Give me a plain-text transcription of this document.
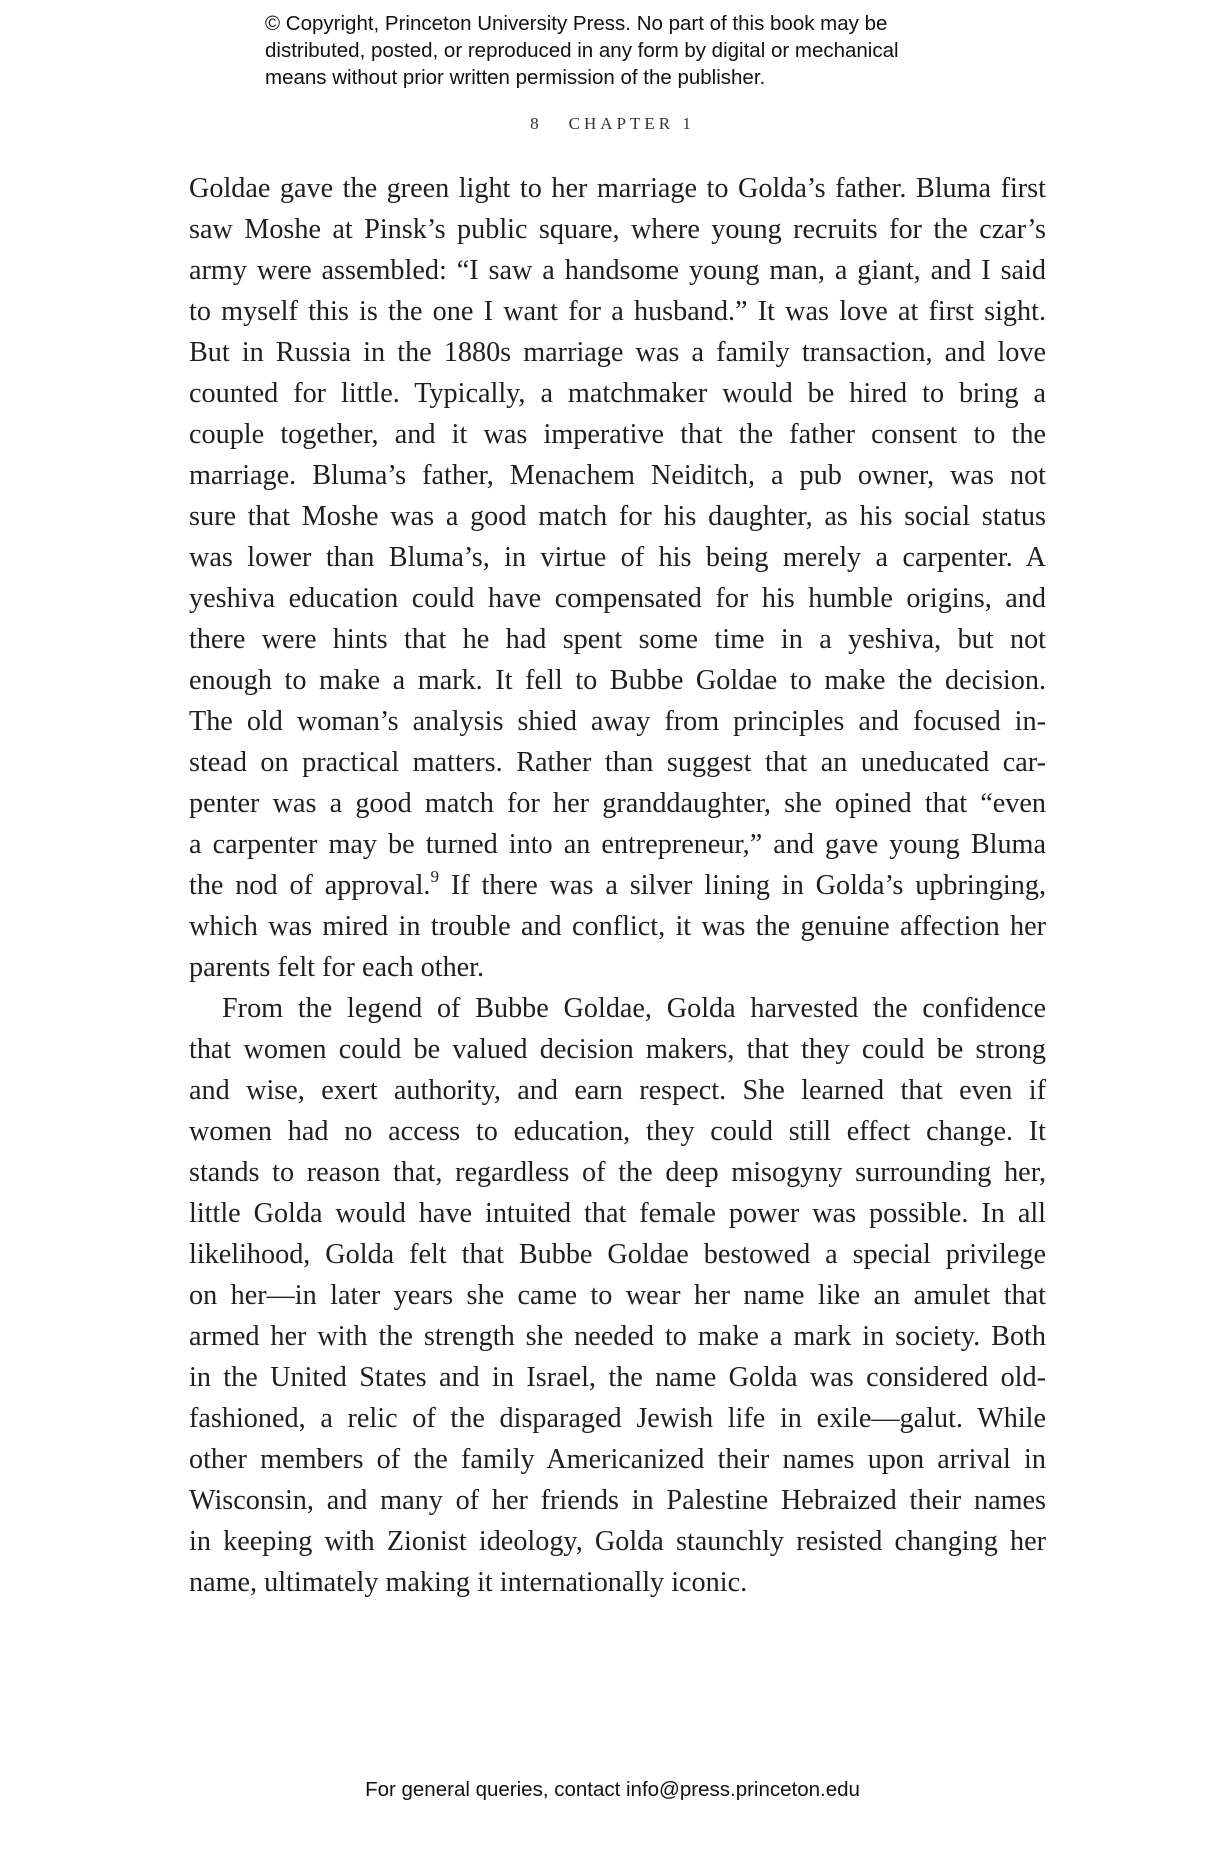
© Copyright, Princeton University Press. No part of this book may be
distributed, posted, or reproduced in any form by digital or mechanical
means without prior written permission of the publisher.
8 CHAPTER 1
Goldae gave the green light to her marriage to Golda’s father. Bluma first
saw Moshe at Pinsk’s public square, where young recruits for the czar’s
army were assembled: “I saw a handsome young man, a giant, and I said
to myself this is the one I want for a husband.” It was love at first sight.
But in Russia in the 1880s marriage was a family transaction, and love
counted for little. Typically, a matchmaker would be hired to bring a
couple together, and it was imperative that the father consent to the
marriage. Bluma’s father, Menachem Neiditch, a pub owner, was not
sure that Moshe was a good match for his daughter, as his social status
was lower than Bluma’s, in virtue of his being merely a carpenter. A
yeshiva education could have compensated for his humble origins, and
there were hints that he had spent some time in a yeshiva, but not
enough to make a mark. It fell to Bubbe Goldae to make the decision.
The old woman’s analysis shied away from principles and focused in-
stead on practical matters. Rather than suggest that an uneducated car-
penter was a good match for her granddaughter, she opined that “even
a carpenter may be turned into an entrepreneur,” and gave young Bluma
the nod of approval.$^9$ If there was a silver lining in Golda’s upbringing,
which was mired in trouble and conflict, it was the genuine affection her
parents felt for each other.
From the legend of Bubbe Goldae, Golda harvested the confidence
that women could be valued decision makers, that they could be strong
and wise, exert authority, and earn respect. She learned that even if
women had no access to education, they could still effect change. It
stands to reason that, regardless of the deep misogyny surrounding her,
little Golda would have intuited that female power was possible. In all
likelihood, Golda felt that Bubbe Goldae bestowed a special privilege
on her—in later years she came to wear her name like an amulet that
armed her with the strength she needed to make a mark in society. Both
in the United States and in Israel, the name Golda was considered old-
fashioned, a relic of the disparaged Jewish life in exile—galut. While
other members of the family Americanized their names upon arrival in
Wisconsin, and many of her friends in Palestine Hebraized their names
in keeping with Zionist ideology, Golda staunchly resisted changing her
name, ultimately making it internationally iconic.
For general queries, contact info@press.princeton.edu
